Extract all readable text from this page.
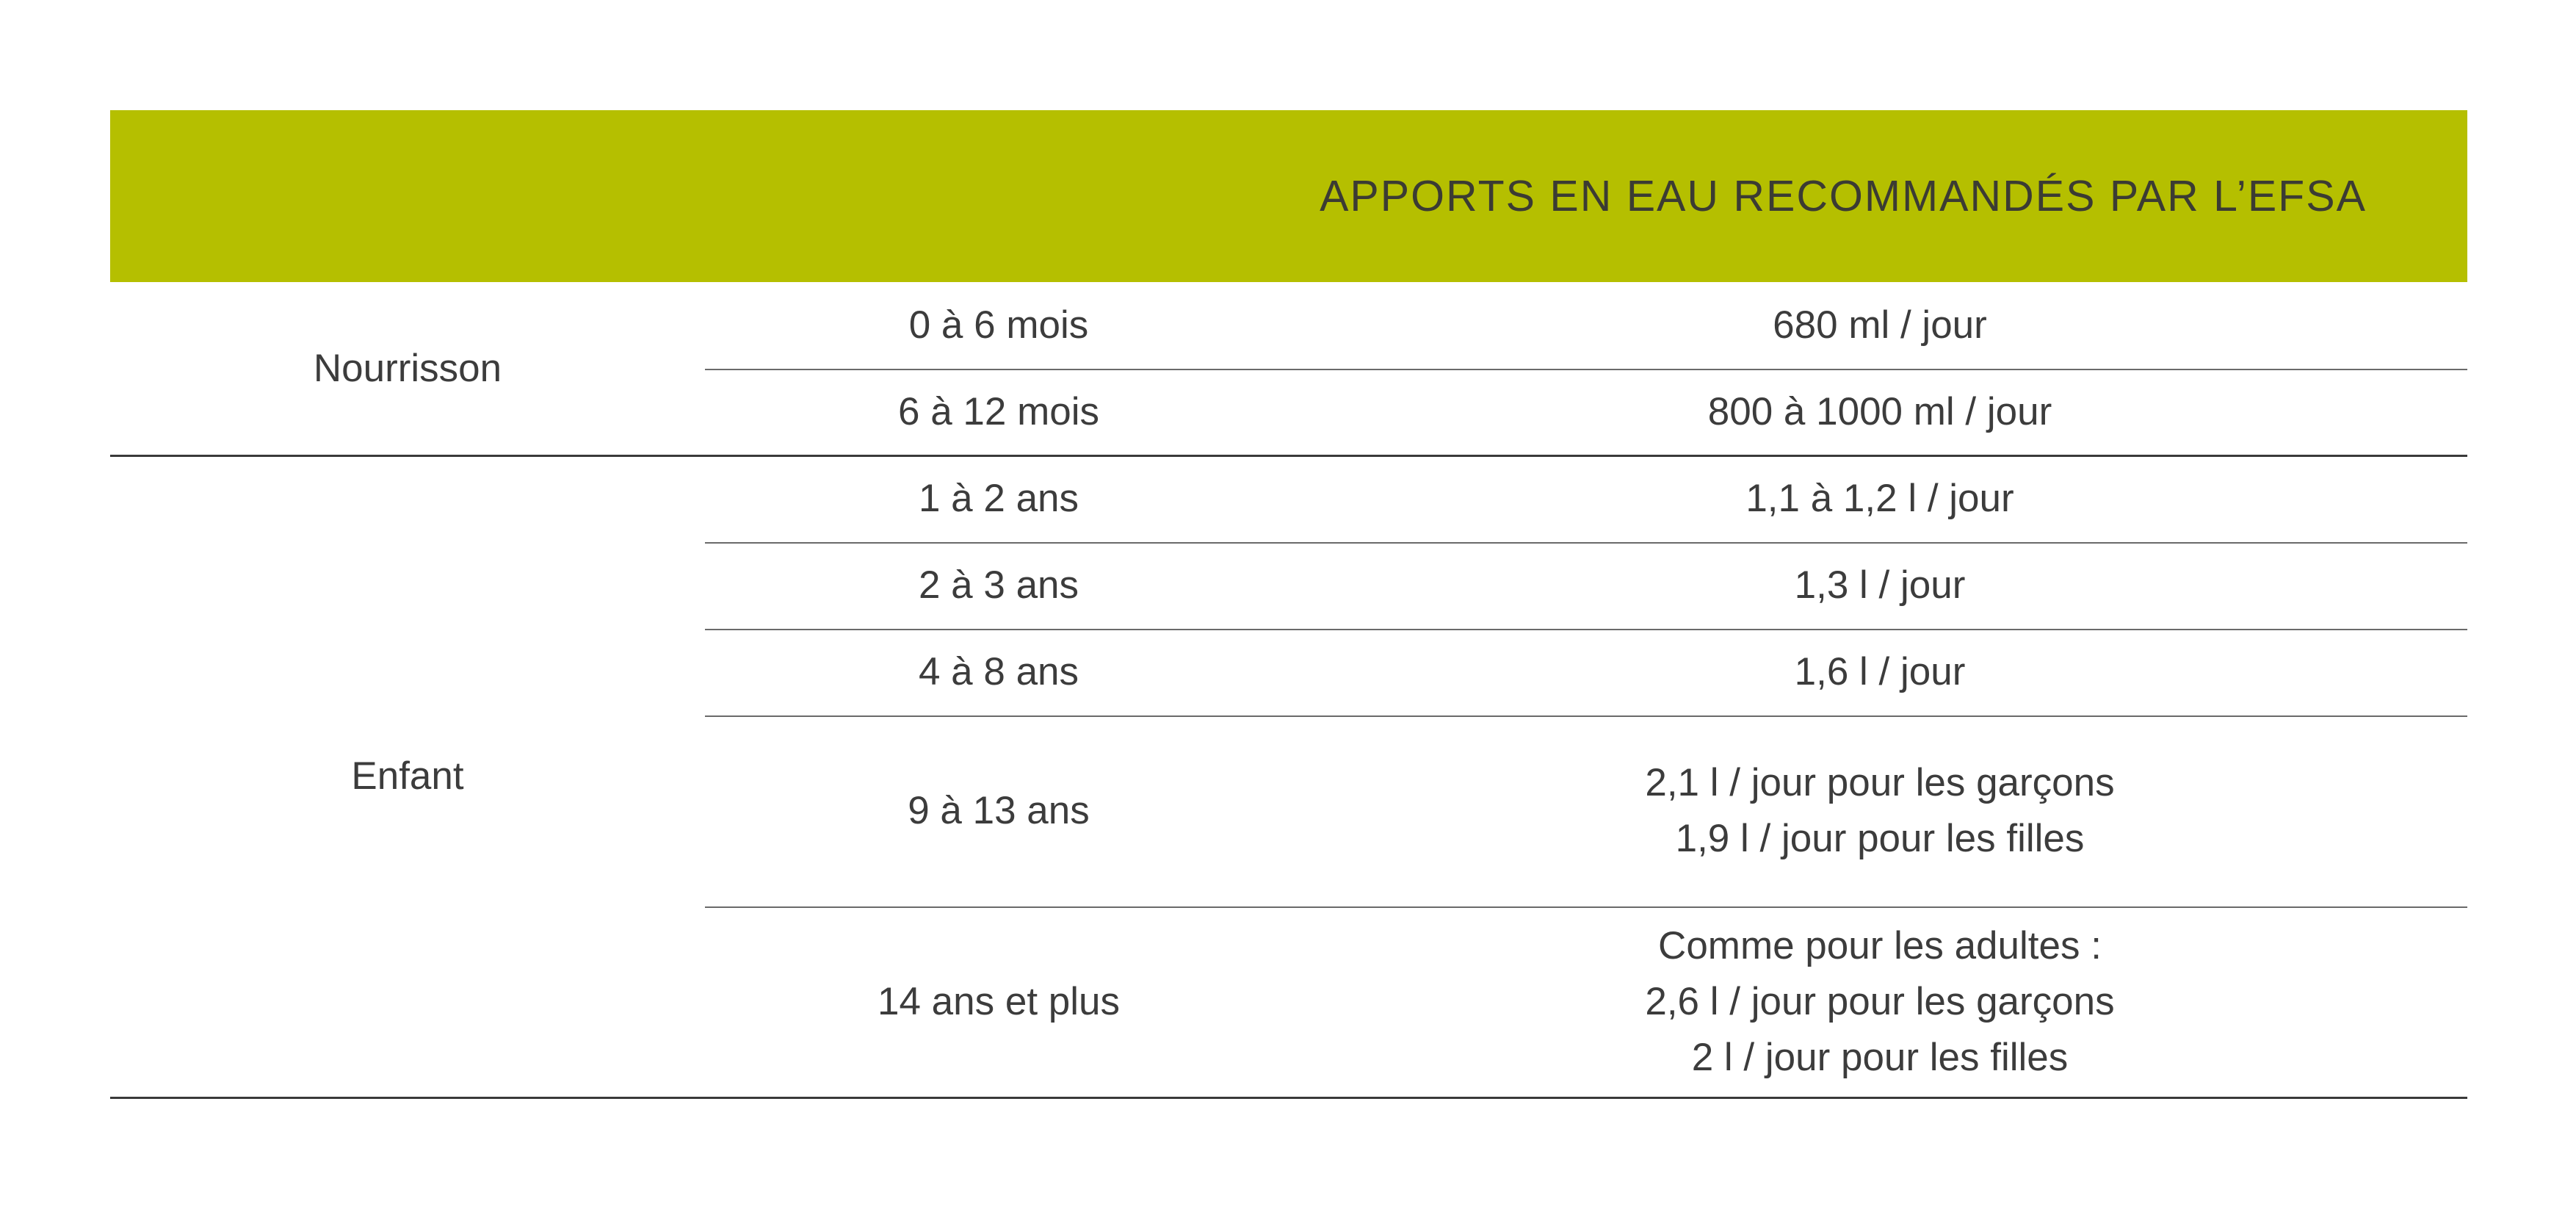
APPORTS EN EAU RECOMMANDÉS PAR L’EFSA
Nourrisson
Enfant
0 à 6 mois
6 à 12 mois
1 à 2 ans
2 à 3 ans
4 à 8 ans
9 à 13 ans
14 ans et plus
680 ml / jour
800 à 1000 ml / jour
1,1 à 1,2 l / jour
1,3 l / jour
1,6 l / jour
2,1 l / jour pour les garçons
1,9 l / jour pour les filles
Comme pour les adultes :
2,6 l / jour pour les garçons
2 l / jour pour les filles
